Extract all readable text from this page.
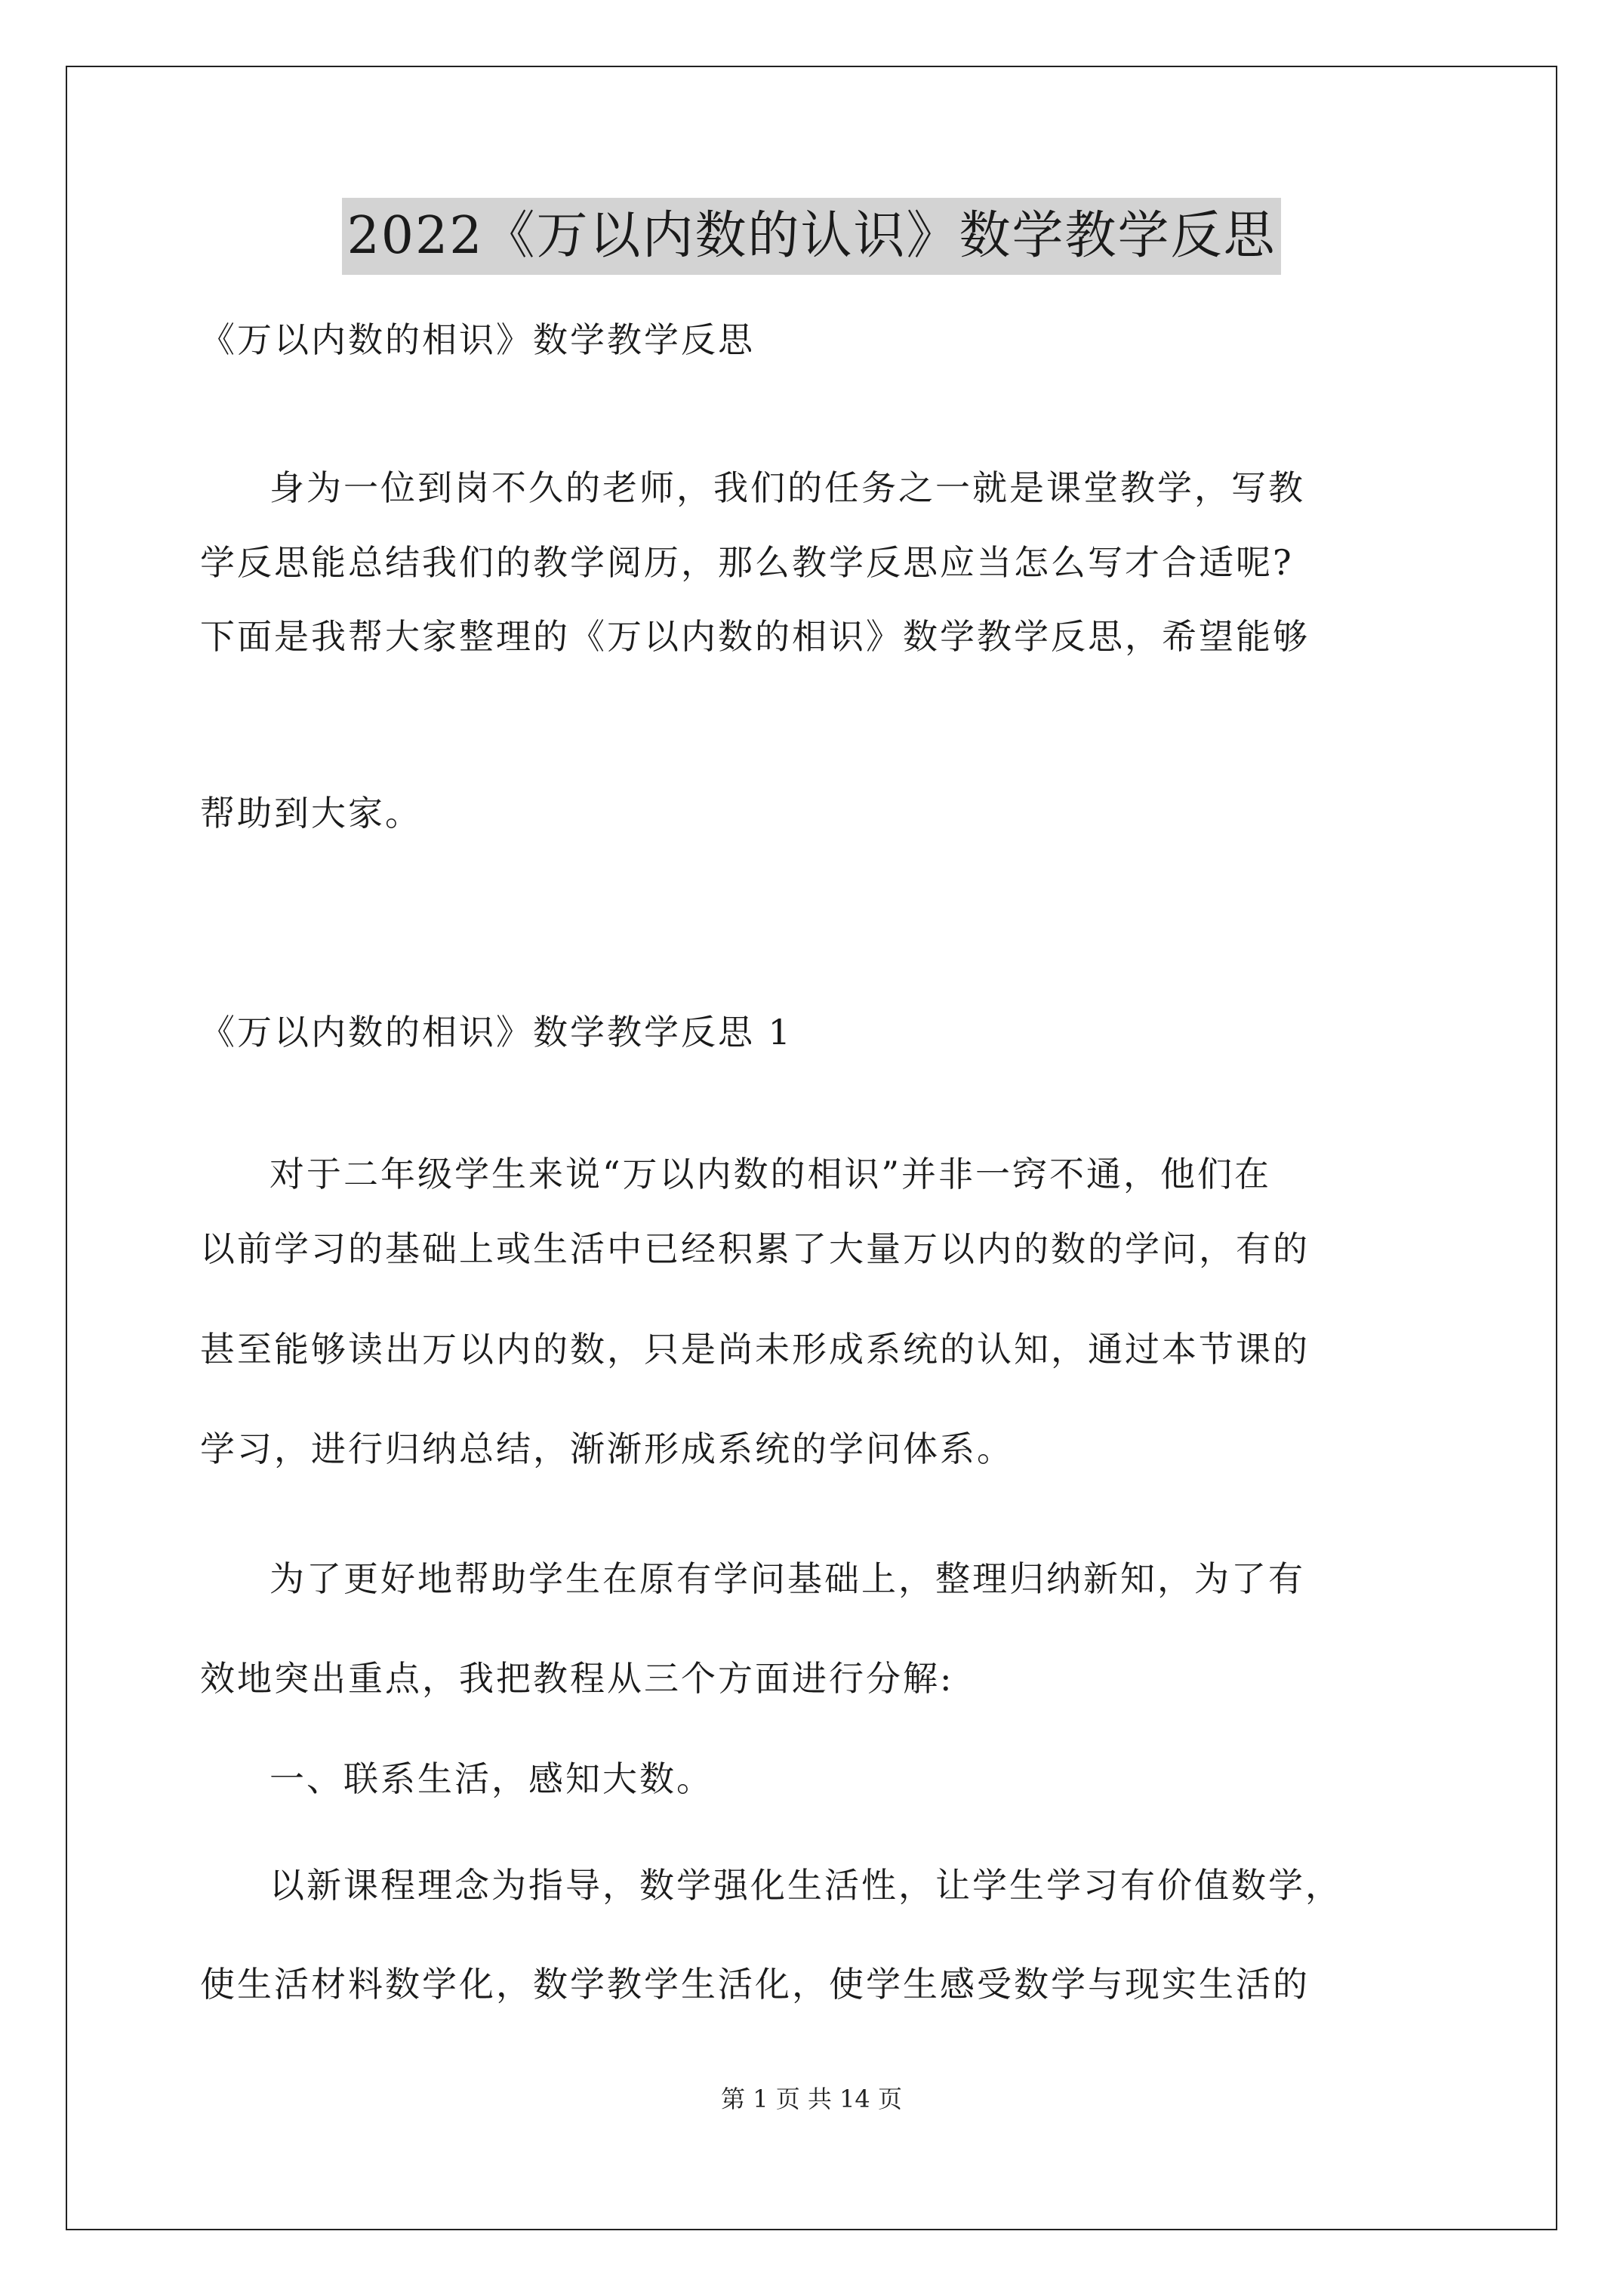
2022《万以内数的认识》数学教学反思
《万以内数的相识》数学教学反思
身为一位到岗不久的老师，我们的任务之一就是课堂教学，写教
学反思能总结我们的教学阅历，那么教学反思应当怎么写才合适呢?
下面是我帮大家整理的《万以内数的相识》数学教学反思，希望能够
帮助到大家。
《万以内数的相识》数学教学反思 1
对于二年级学生来说“万以内数的相识”并非一窍不通，他们在
以前学习的基础上或生活中已经积累了大量万以内的数的学问，有的
甚至能够读出万以内的数，只是尚未形成系统的认知，通过本节课的
学习，进行归纳总结，渐渐形成系统的学问体系。
为了更好地帮助学生在原有学问基础上，整理归纳新知，为了有
效地突出重点，我把教程从三个方面进行分解:
一、联系生活，感知大数。
以新课程理念为指导，数学强化生活性，让学生学习有价值数学，
使生活材料数学化，数学教学生活化，使学生感受数学与现实生活的
第 1 页 共 14 页
